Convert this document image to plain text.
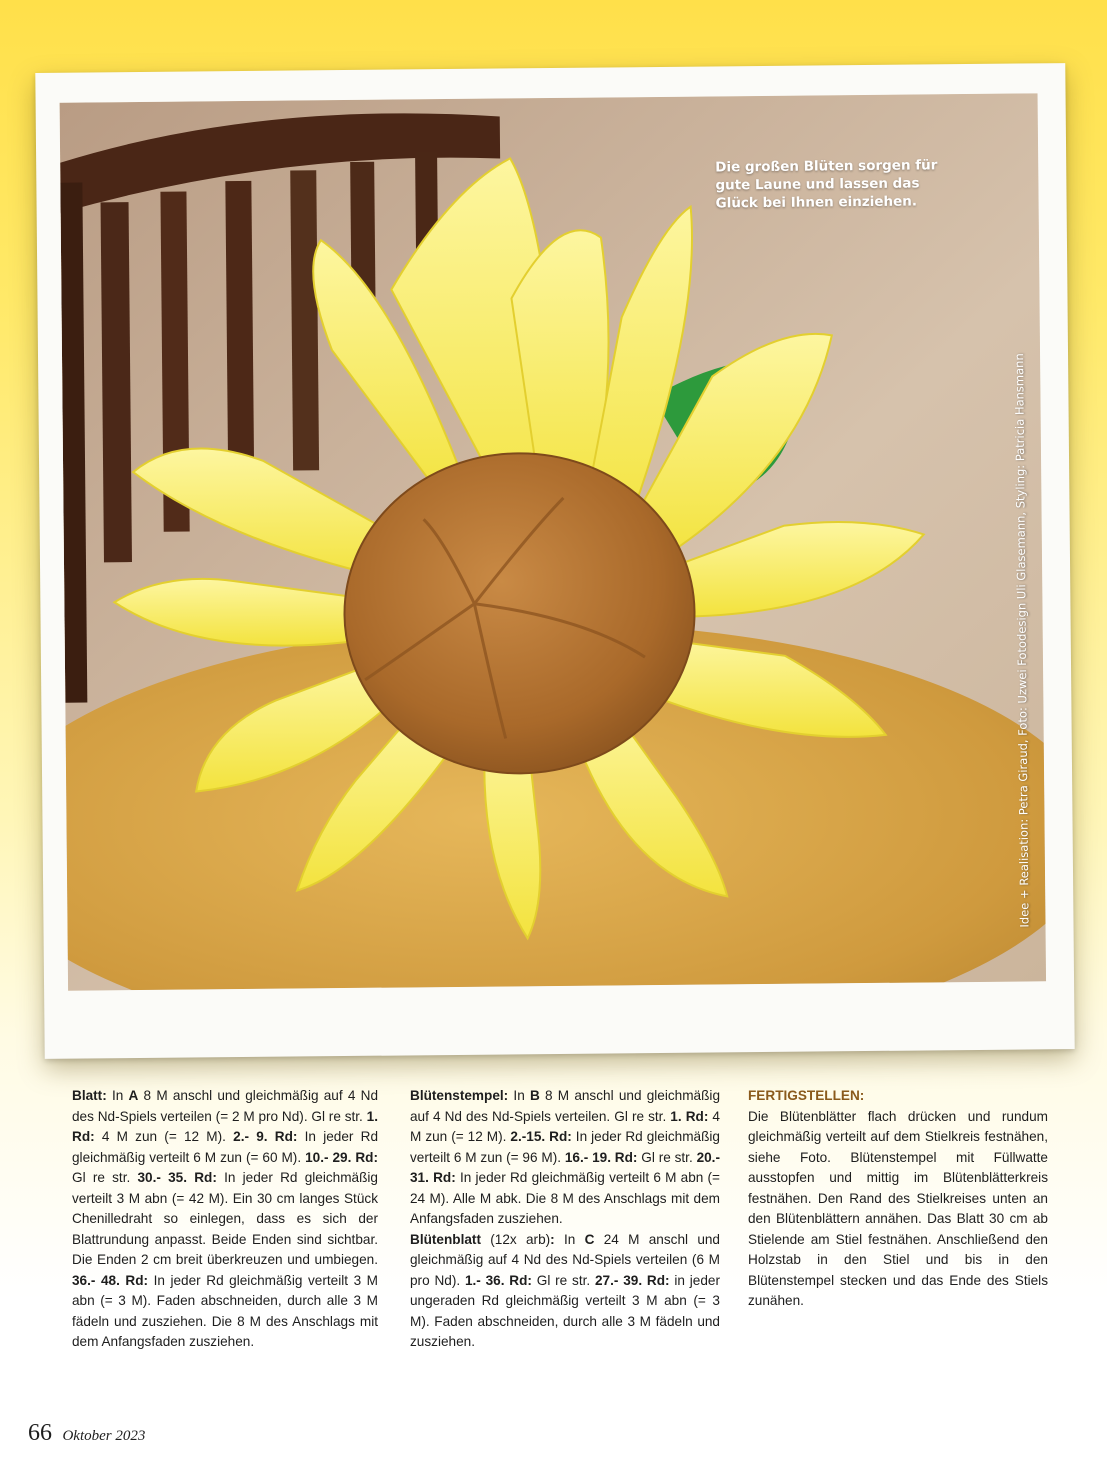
Die großen Blüten sorgen für gute Laune und lassen das Glück bei Ihnen einziehen.
Idee + Realisation: Petra Giraud, Foto: Uzwei Fotodesign Uli Glasemann, Styling: Patricia Hansmann

Blatt: In A 8 M anschl und gleichmäßig auf 4 Nd des Nd-Spiels verteilen (= 2 M pro Nd). Gl re str. 1. Rd: 4 M zun (= 12 M). 2.- 9. Rd: In jeder Rd gleichmäßig verteilt 6 M zun (= 60 M). 10.- 29. Rd: Gl re str. 30.- 35. Rd: In jeder Rd gleichmäßig verteilt 3 M abn (= 42 M). Ein 30 cm langes Stück Chenilledraht so einlegen, dass es sich der Blattrundung anpasst. Beide Enden sind sichtbar. Die Enden 2 cm breit überkreuzen und umbiegen. 36.- 48. Rd: In jeder Rd gleichmäßig verteilt 3 M abn (= 3 M). Faden abschneiden, durch alle 3 M fädeln und zusziehen. Die 8 M des Anschlags mit dem Anfangsfaden zusziehen.

Blütenstempel: In B 8 M anschl und gleichmäßig auf 4 Nd des Nd-Spiels verteilen. Gl re str. 1. Rd: 4 M zun (= 12 M). 2.-15. Rd: In jeder Rd gleichmäßig verteilt 6 M zun (= 96 M). 16.- 19. Rd: Gl re str. 20.- 31. Rd: In jeder Rd gleichmäßig verteilt 6 M abn (= 24 M). Alle M abk. Die 8 M des Anschlags mit dem Anfangsfaden zusziehen.

Blütenblatt (12x arb): In C 24 M anschl und gleichmäßig auf 4 Nd des Nd-Spiels verteilen (6 M pro Nd). 1.- 36. Rd: Gl re str. 27.- 39. Rd: in jeder ungeraden Rd gleichmäßig verteilt 3 M abn (= 3 M). Faden abschneiden, durch alle 3 M fädeln und zusziehen.

FERTIGSTELLEN:

Die Blütenblätter flach drücken und rundum gleichmäßig verteilt auf dem Stielkreis festnähen, siehe Foto. Blütenstempel mit Füllwatte ausstopfen und mittig im Blütenblätterkreis festnähen. Den Rand des Stielkreises unten an den Blütenblättern annähen. Das Blatt 30 cm ab Stielende am Stiel festnähen. Anschließend den Holzstab in den Stiel und bis in den Blütenstempel stecken und das Ende des Stiels zunähen.

66 Oktober 2023
